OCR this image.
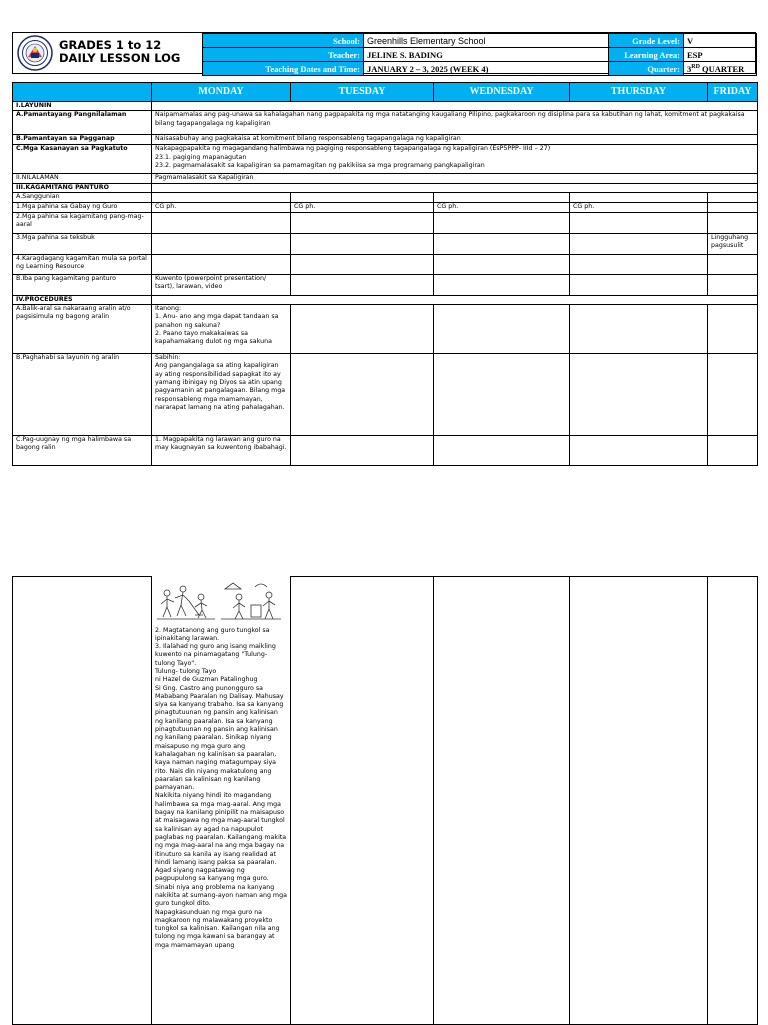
GRADES 1 to 12
DAILY LESSON LOG
School:	Greenhills Elementary School	Grade Level:	V
Teacher:	JELINE S. BADING	Learning Area:	ESP
Teaching Dates and Time:	JANUARY 2 – 3, 2025 (WEEK 4)	Quarter:	3RD QUARTER
	MONDAY	TUESDAY	WEDNESDAY	THURSDAY	FRIDAY
I.LAYUNIN					
A.Pamantayang Pangnilalaman	Naipamamalas ang pag-unawa sa kahalagahan nang pagpapakita ng mga natatanging kaugaliang Pilipino, pagkakaroon ng disiplina para sa kabutihan ng lahat, komitment at pagkakaisa bilang tagapangalaga ng kapaligiran				
B.Pamantayan sa Pagganap	Naisasabuhay ang pagkakaisa at komitment bilang responsableng tagapangalaga ng kapaligiran				
C.Mga Kasanayan sa Pagkatuto	Nakapagpapakita ng magagandang halimbawa ng pagiging responsableng tagapangalaga ng kapaligiran (EsP5PPP- IIId – 27)
23.1. pagiging mapanagutan
23.2. pagmamalasakit sa kapaligiran sa pamamagitan ng pakikiisa sa mga programang pangkapaligiran				

II.NILALAMAN	Pagmamalasakit sa Kapaligiran				
III.KAGAMITANG PANTURO					
A.Sanggunian					
1.Mga pahina sa Gabay ng Guro	CG ph.	CG ph.	CG ph.	CG ph.	
2.Mga pahina sa kagamitang pang-mag-aaral					
3.Mga pahina sa teksbuk					Lingguhang pagsusulit
4.Karagdagang kagamitan mula sa portal ng Learning Resource					
B.Iba pang kagamitang panturo	Kuwento (powerpoint presentation/ tsart), larawan, video				
IV.PROCEDURES					
A.Balik-aral sa nakaraang aralin at/o pagsisimula ng bagong aralin	Itanong:
1. Anu- ano ang mga dapat tandaan sa panahon ng sakuna?
2. Paano tayo makakaiwas sa kapahamakang dulot ng mga sakuna				
B.Paghahabi sa layunin ng aralin	Sabihin:
Ang pangangalaga sa ating kapaligiran ay ating responsibilidad sapagkat ito ay yamang ibinigay ng Diyos sa atin upang pagyamanin at pangalagaan. Bilang mga responsableng mga mamamayan, nararapat lamang na ating pahalagahan.				
C.Pag-uugnay ng mga halimbawa sa bagong ralin	1. Magpapakita ng larawan ang guro na may kaugnayan sa kuwentong ibabahagi.				

2. Magtatanong ang guro tungkol sa ipinakitang larawan.
3. Ilalahad ng guro ang isang maikling kuwento na pinamagatang "Tulung-tulong Tayo".
Tulung- tulong Tayo
ni Hazel de Guzman Patalinghug
Si Gng. Castro ang punongguro sa Mababang Paaralan ng Dalisay. Mahusay siya sa kanyang trabaho. Isa sa kanyang pinagtutuunan ng pansin ang kalinisan ng kanilang paaralan. Isa sa kanyang pinagtutuunan ng pansin ang kalinisan ng kanilang paaralan. Sinikap niyang maisapuso ng mga guro ang kahalagahan ng kalinisan sa paaralan, kaya naman naging matagumpay siya rito. Nais din niyang makatulong ang paaralan sa kalinisan ng kanilang pamayanan.
Nakikita niyang hindi ito magandang halimbawa sa mga mag-aaral. Ang mga bagay na kanilang pinipilit na maisapuso at maisagawa ng mga mag-aaral tungkol sa kalinisan ay agad na napupulot paglabas ng paaralan. Kailangang makita ng mga mag-aaral na ang mga bagay na itinuturo sa kanila ay isang realidad at hindi lamang isang paksa sa paaralan. Agad siyang nagpatawag ng pagpupulong sa kanyang mga guro. Sinabi niya ang problema na kanyang nakikita at sumang-ayon naman ang mga guro tungkol dito.
Napagkasunduan ng mga guro na magkaroon ng malawakang proyekto tungkol sa kalinisan. Kailangan nila ang tulong ng mga kawani sa barangay at mga mamamayan upang
